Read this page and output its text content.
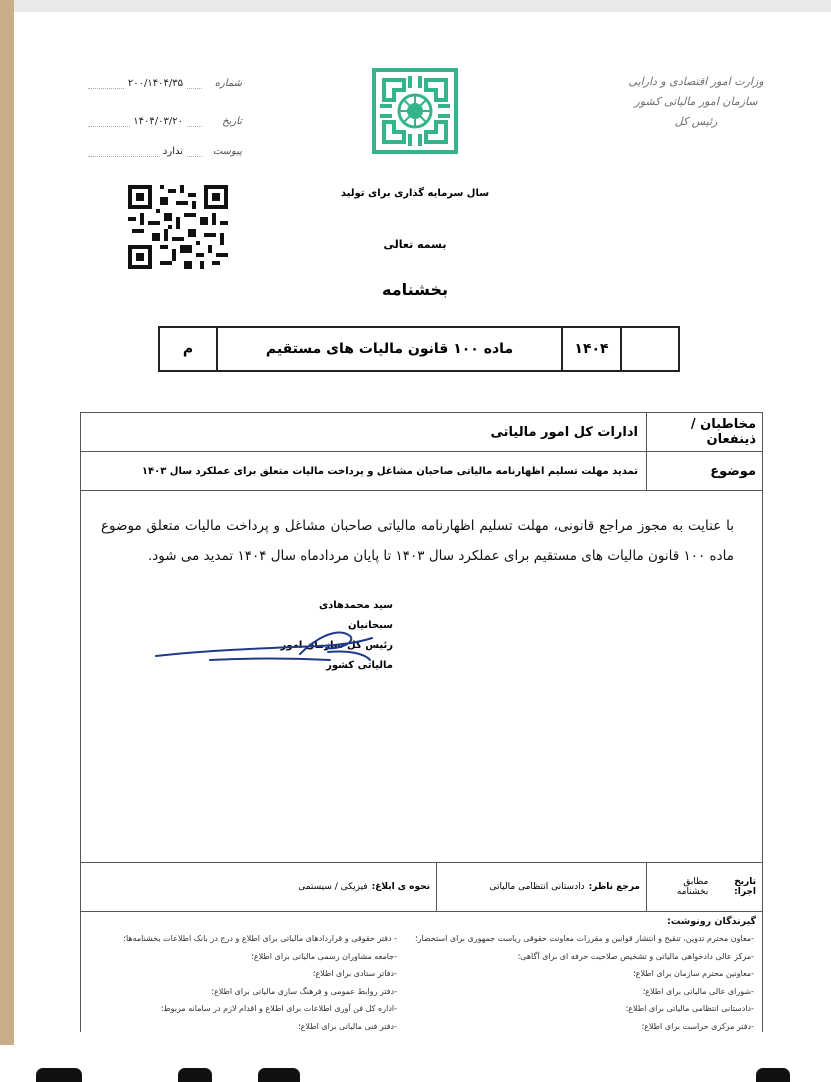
وزارت امور اقتصادی و دارایی
سازمان امور مالیاتی کشور
رئیس کل
سال سرمایه گذاری برای تولید
بسمه تعالی
بخشنامه
شماره
۲۰۰/۱۴۰۴/۳۵
تاریخ
۱۴۰۴/۰۳/۲۰
پیوست
ندارد
۱۴۰۴
ماده ۱۰۰ قانون مالیات های مستقیم
م
مخاطبان / ذینفعان
ادارات کل امور مالیاتی
موضوع
تمدید مهلت تسلیم اظهارنامه مالیاتی صاحبان مشاغل و پرداخت مالیات متعلق برای عملکرد سال ۱۴۰۳
با عنایت به مجوز مراجع قانونی، مهلت تسلیم اظهارنامه مالیاتی صاحبان مشاغل و پرداخت مالیات متعلق موضوع ماده ۱۰۰ قانون مالیات های مستقیم برای عملکرد سال ۱۴۰۳ تا پایان مردادماه سال ۱۴۰۴ تمدید می شود.
تاریخ اجرا:
مطابق بخشنامه
مرجع ناظر:
دادستانی انتظامی مالیاتی
نحوه ی ابلاغ:
فیزیکی / سیستمی
گیرندگان رونوشت:
-معاون محترم تدوین، تنقیح و انتشار قوانین و مقررات معاونت حقوقی ریاست جمهوری برای استحضار؛
-مرکز عالی دادخواهی مالیاتی و تشخیص صلاحیت حرفه ای برای آگاهی؛
-معاونین محترم سازمان برای اطلاع؛
-شورای عالی مالیاتی برای اطلاع؛
-دادستانی انتظامی مالیاتی برای اطلاع؛
-دفتر مرکزی حراست برای اطلاع؛
- دفتر حقوقی و قراردادهای مالیاتی برای اطلاع و درج در بانک اطلاعات بخشنامه‌ها؛
-جامعه مشاوران رسمی مالیاتی برای اطلاع؛
-دفاتر ستادی برای اطلاع؛
-دفتر روابط عمومی و فرهنگ سازی مالیاتی برای اطلاع؛
-اداره کل فن آوری اطلاعات برای اطلاع و اقدام لازم در سامانه مربوط؛
-دفتر فنی مالیاتی برای اطلاع؛
سید محمدهادی سبحانیان
رئیس کل سازمان امور مالیاتی کشور
